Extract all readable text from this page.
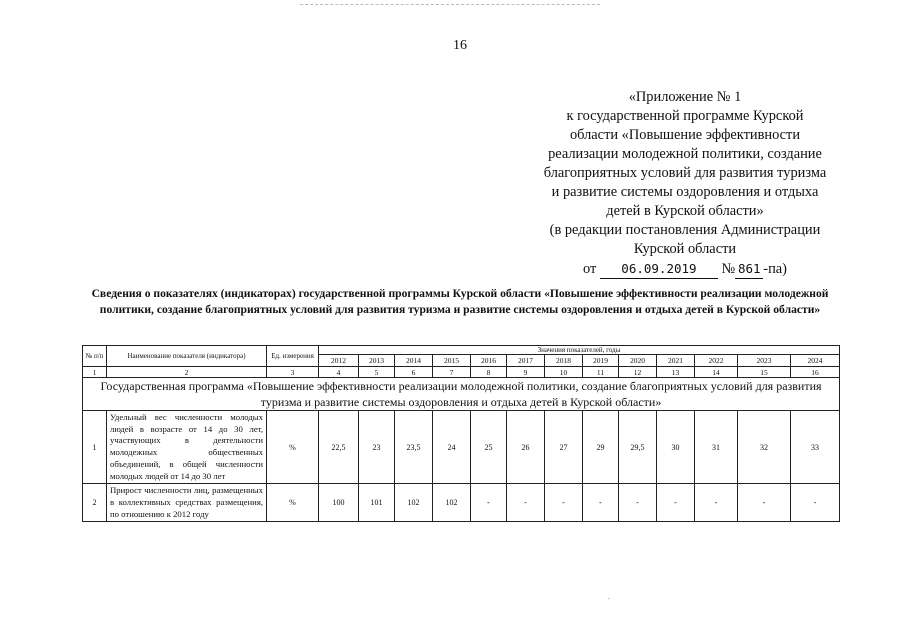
16
«Приложение № 1
к государственной программе Курской
области «Повышение эффективности
реализации молодежной политики, создание
благоприятных условий для развития туризма
и развитие системы оздоровления и отдыха
детей в Курской области»
(в редакции постановления Администрации
Курской области
от 06.09.2019 № 861 -па)
Сведения о показателях (индикаторах) государственной программы Курской области «Повышение эффективности реализации молодежной политики, создание благоприятных условий для развития туризма и развитие системы оздоровления и отдыха детей в Курской области»
№ п/п	Наименование показателя (индикатора)	Ед. измерения	Значения показателей, годы												
			2012	2013	2014	2015	2016	2017	2018	2019	2020	2021	2022	2023	2024
1	2	3	4	5	6	7	8	9	10	11	12	13	14	15	16
Государственная программа «Повышение эффективности реализации молодежной политики, создание благоприятных условий для развития туризма и развитие системы оздоровления и отдыха детей в Курской области»															
1	Удельный вес численности молодых людей в возрасте от 14 до 30 лет, участвующих в деятельности молодежных общественных объединений, в общей численности молодых людей от 14 до 30 лет	%	22,5	23	23,5	24	25	26	27	29	29,5	30	31	32	33
2	Прирост численности лиц, размещенных в коллективных средствах размещения, по отношению к 2012 году	%	100	101	102	102	-	-	-	-	-	-	-	-	-
.
